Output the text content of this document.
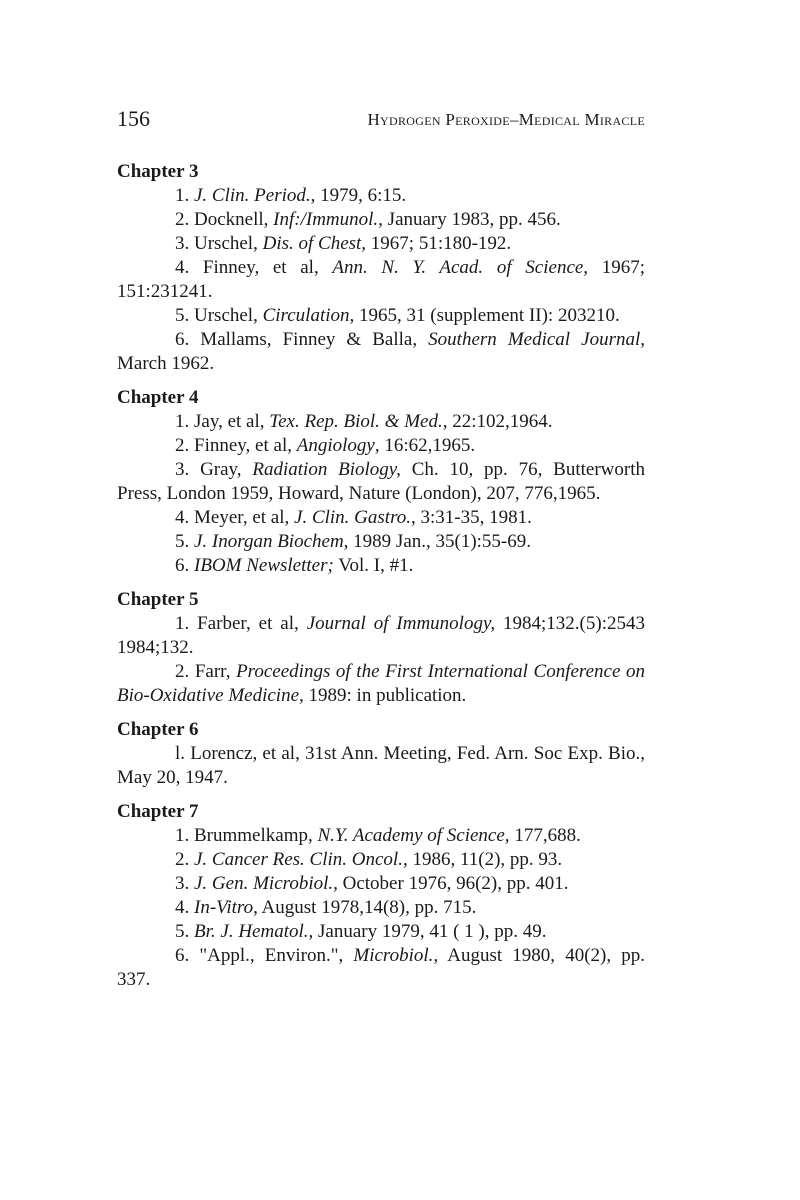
156	Hydrogen Peroxide–Medical Miracle
Chapter 3

1. J. Clin. Period., 1979, 6:15.

2. Docknell, Inf:/Immunol., January 1983, pp. 456.

3. Urschel, Dis. of Chest, 1967; 51:180-192.

4. Finney, et al, Ann. N. Y. Acad. of Science, 1967; 151:231241.

5. Urschel, Circulation, 1965, 31 (supplement II): 203210.

6. Mallams, Finney & Balla, Southern Medical Journal, March 1962.

Chapter 4

1. Jay, et al, Tex. Rep. Biol. & Med., 22:102,1964.

2. Finney, et al, Angiology, 16:62,1965.

3. Gray, Radiation Biology, Ch. 10, pp. 76, Butterworth Press, London 1959, Howard, Nature (London), 207, 776,1965.

4. Meyer, et al, J. Clin. Gastro., 3:31-35, 1981.

5. J. Inorgan Biochem, 1989 Jan., 35(1):55-69.

6. IBOM Newsletter; Vol. I, #1.

Chapter 5

1. Farber, et al, Journal of Immunology, 1984;132.(5):2543 1984;132.

2. Farr, Proceedings of the First International Conference on Bio-Oxidative Medicine, 1989: in publication.

Chapter 6

l. Lorencz, et al, 31st Ann. Meeting, Fed. Arn. Soc Exp. Bio., May 20, 1947.

Chapter 7

1. Brummelkamp, N.Y. Academy of Science, 177,688.

2. J. Cancer Res. Clin. Oncol., 1986, 11(2), pp. 93.

3. J. Gen. Microbiol., October 1976, 96(2), pp. 401.

4. In-Vitro, August 1978,14(8), pp. 715.

5. Br. J. Hematol., January 1979, 41 ( 1 ), pp. 49.

6. "Appl., Environ.", Microbiol., August 1980, 40(2), pp. 337.
